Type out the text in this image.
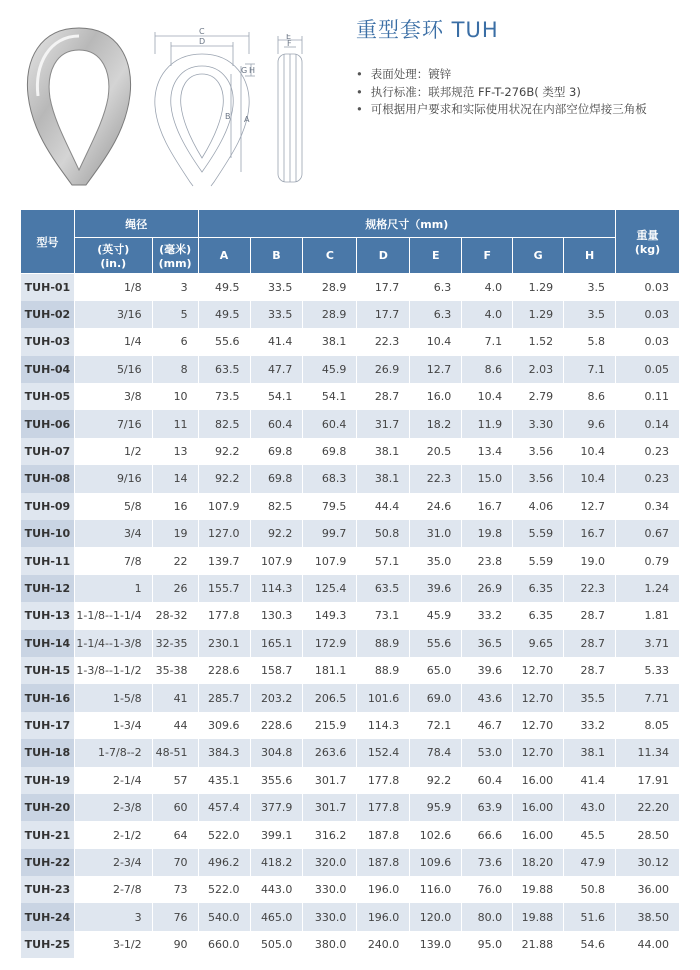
C
D
A
B
H
G
E
F
重型套环 TUH
• 表面处理：镀锌
• 执行标准：联邦规范 FF-T-276B( 类型 3)
• 可根据用户要求和实际使用状况在内部空位焊接三角板
型号	绳径		规格尺寸（mm)								重量
(kg)
	(英寸)
(in.)	(毫米)
(mm)	A	B	C	D	E	F	G	H	
TUH-01	1/8	3	49.5	33.5	28.9	17.7	6.3	4.0	1.29	3.5	0.03
TUH-02	3/16	5	49.5	33.5	28.9	17.7	6.3	4.0	1.29	3.5	0.03
TUH-03	1/4	6	55.6	41.4	38.1	22.3	10.4	7.1	1.52	5.8	0.03
TUH-04	5/16	8	63.5	47.7	45.9	26.9	12.7	8.6	2.03	7.1	0.05
TUH-05	3/8	10	73.5	54.1	54.1	28.7	16.0	10.4	2.79	8.6	0.11
TUH-06	7/16	11	82.5	60.4	60.4	31.7	18.2	11.9	3.30	9.6	0.14
TUH-07	1/2	13	92.2	69.8	69.8	38.1	20.5	13.4	3.56	10.4	0.23
TUH-08	9/16	14	92.2	69.8	68.3	38.1	22.3	15.0	3.56	10.4	0.23
TUH-09	5/8	16	107.9	82.5	79.5	44.4	24.6	16.7	4.06	12.7	0.34
TUH-10	3/4	19	127.0	92.2	99.7	50.8	31.0	19.8	5.59	16.7	0.67
TUH-11	7/8	22	139.7	107.9	107.9	57.1	35.0	23.8	5.59	19.0	0.79
TUH-12	1	26	155.7	114.3	125.4	63.5	39.6	26.9	6.35	22.3	1.24
TUH-13	1-1/8--1-1/4	28-32	177.8	130.3	149.3	73.1	45.9	33.2	6.35	28.7	1.81
TUH-14	1-1/4--1-3/8	32-35	230.1	165.1	172.9	88.9	55.6	36.5	9.65	28.7	3.71
TUH-15	1-3/8--1-1/2	35-38	228.6	158.7	181.1	88.9	65.0	39.6	12.70	28.7	5.33
TUH-16	1-5/8	41	285.7	203.2	206.5	101.6	69.0	43.6	12.70	35.5	7.71
TUH-17	1-3/4	44	309.6	228.6	215.9	114.3	72.1	46.7	12.70	33.2	8.05
TUH-18	1-7/8--2	48-51	384.3	304.8	263.6	152.4	78.4	53.0	12.70	38.1	11.34
TUH-19	2-1/4	57	435.1	355.6	301.7	177.8	92.2	60.4	16.00	41.4	17.91
TUH-20	2-3/8	60	457.4	377.9	301.7	177.8	95.9	63.9	16.00	43.0	22.20
TUH-21	2-1/2	64	522.0	399.1	316.2	187.8	102.6	66.6	16.00	45.5	28.50
TUH-22	2-3/4	70	496.2	418.2	320.0	187.8	109.6	73.6	18.20	47.9	30.12
TUH-23	2-7/8	73	522.0	443.0	330.0	196.0	116.0	76.0	19.88	50.8	36.00
TUH-24	3	76	540.0	465.0	330.0	196.0	120.0	80.0	19.88	51.6	38.50
TUH-25	3-1/2	90	660.0	505.0	380.0	240.0	139.0	95.0	21.88	54.6	44.00
